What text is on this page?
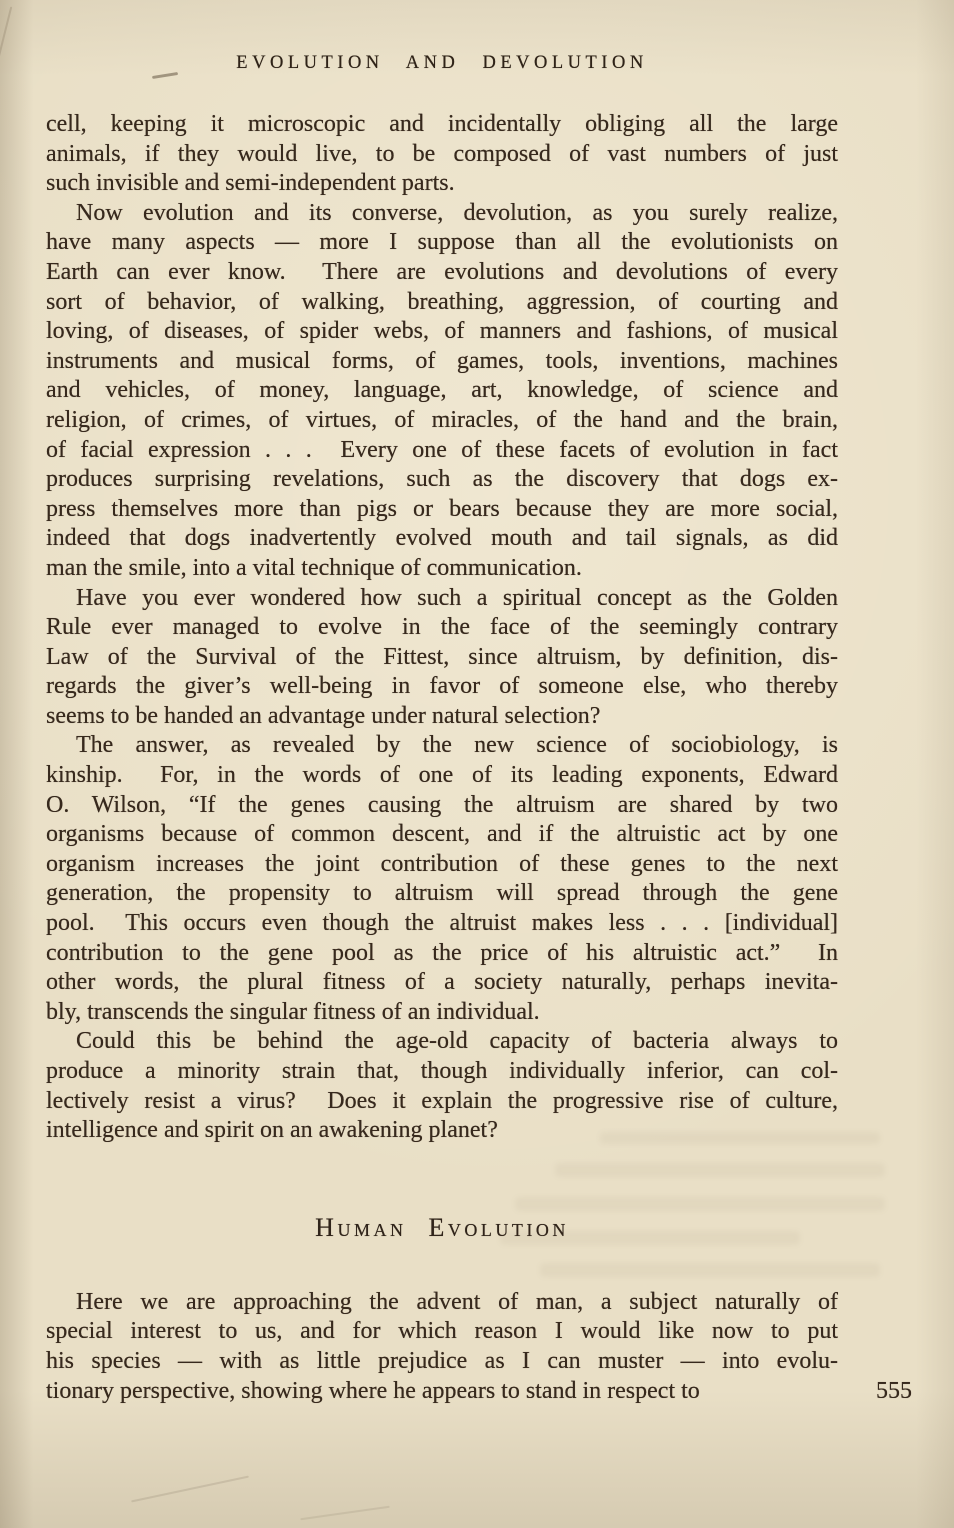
EVOLUTION AND DEVOLUTION
cell, keeping it microscopic and incidentally obliging all the large
animals, if they would live, to be composed of vast numbers of just
such invisible and semi-independent parts.
Now evolution and its converse, devolution, as you surely realize,
have many aspects — more I suppose than all the evolutionists on
Earth can ever know.  There are evolutions and devolutions of every
sort of behavior, of walking, breathing, aggression, of courting and
loving, of diseases, of spider webs, of manners and fashions, of musical
instruments and musical forms, of games, tools, inventions, machines
and vehicles, of money, language, art, knowledge, of science and
religion, of crimes, of virtues, of miracles, of the hand and the brain,
of facial expression . . .  Every one of these facets of evolution in fact
produces surprising revelations, such as the discovery that dogs ex-
press themselves more than pigs or bears because they are more social,
indeed that dogs inadvertently evolved mouth and tail signals, as did
man the smile, into a vital technique of communication.
Have you ever wondered how such a spiritual concept as the Golden
Rule ever managed to evolve in the face of the seemingly contrary
Law of the Survival of the Fittest, since altruism, by definition, dis-
regards the giver’s well-being in favor of someone else, who thereby
seems to be handed an advantage under natural selection?
The answer, as revealed by the new science of sociobiology, is
kinship.  For, in the words of one of its leading exponents, Edward
O. Wilson, “If the genes causing the altruism are shared by two
organisms because of common descent, and if the altruistic act by one
organism increases the joint contribution of these genes to the next
generation, the propensity to altruism will spread through the gene
pool.  This occurs even though the altruist makes less . . . [individual]
contribution to the gene pool as the price of his altruistic act.”  In
other words, the plural fitness of a society naturally, perhaps inevita-
bly, transcends the singular fitness of an individual.
Could this be behind the age-old capacity of bacteria always to
produce a minority strain that, though individually inferior, can col-
lectively resist a virus?  Does it explain the progressive rise of culture,
intelligence and spirit on an awakening planet?
Human Evolution
Here we are approaching the advent of man, a subject naturally of
special interest to us, and for which reason I would like now to put
his species — with as little prejudice as I can muster — into evolu-
tionary perspective, showing where he appears to stand in respect to	555
